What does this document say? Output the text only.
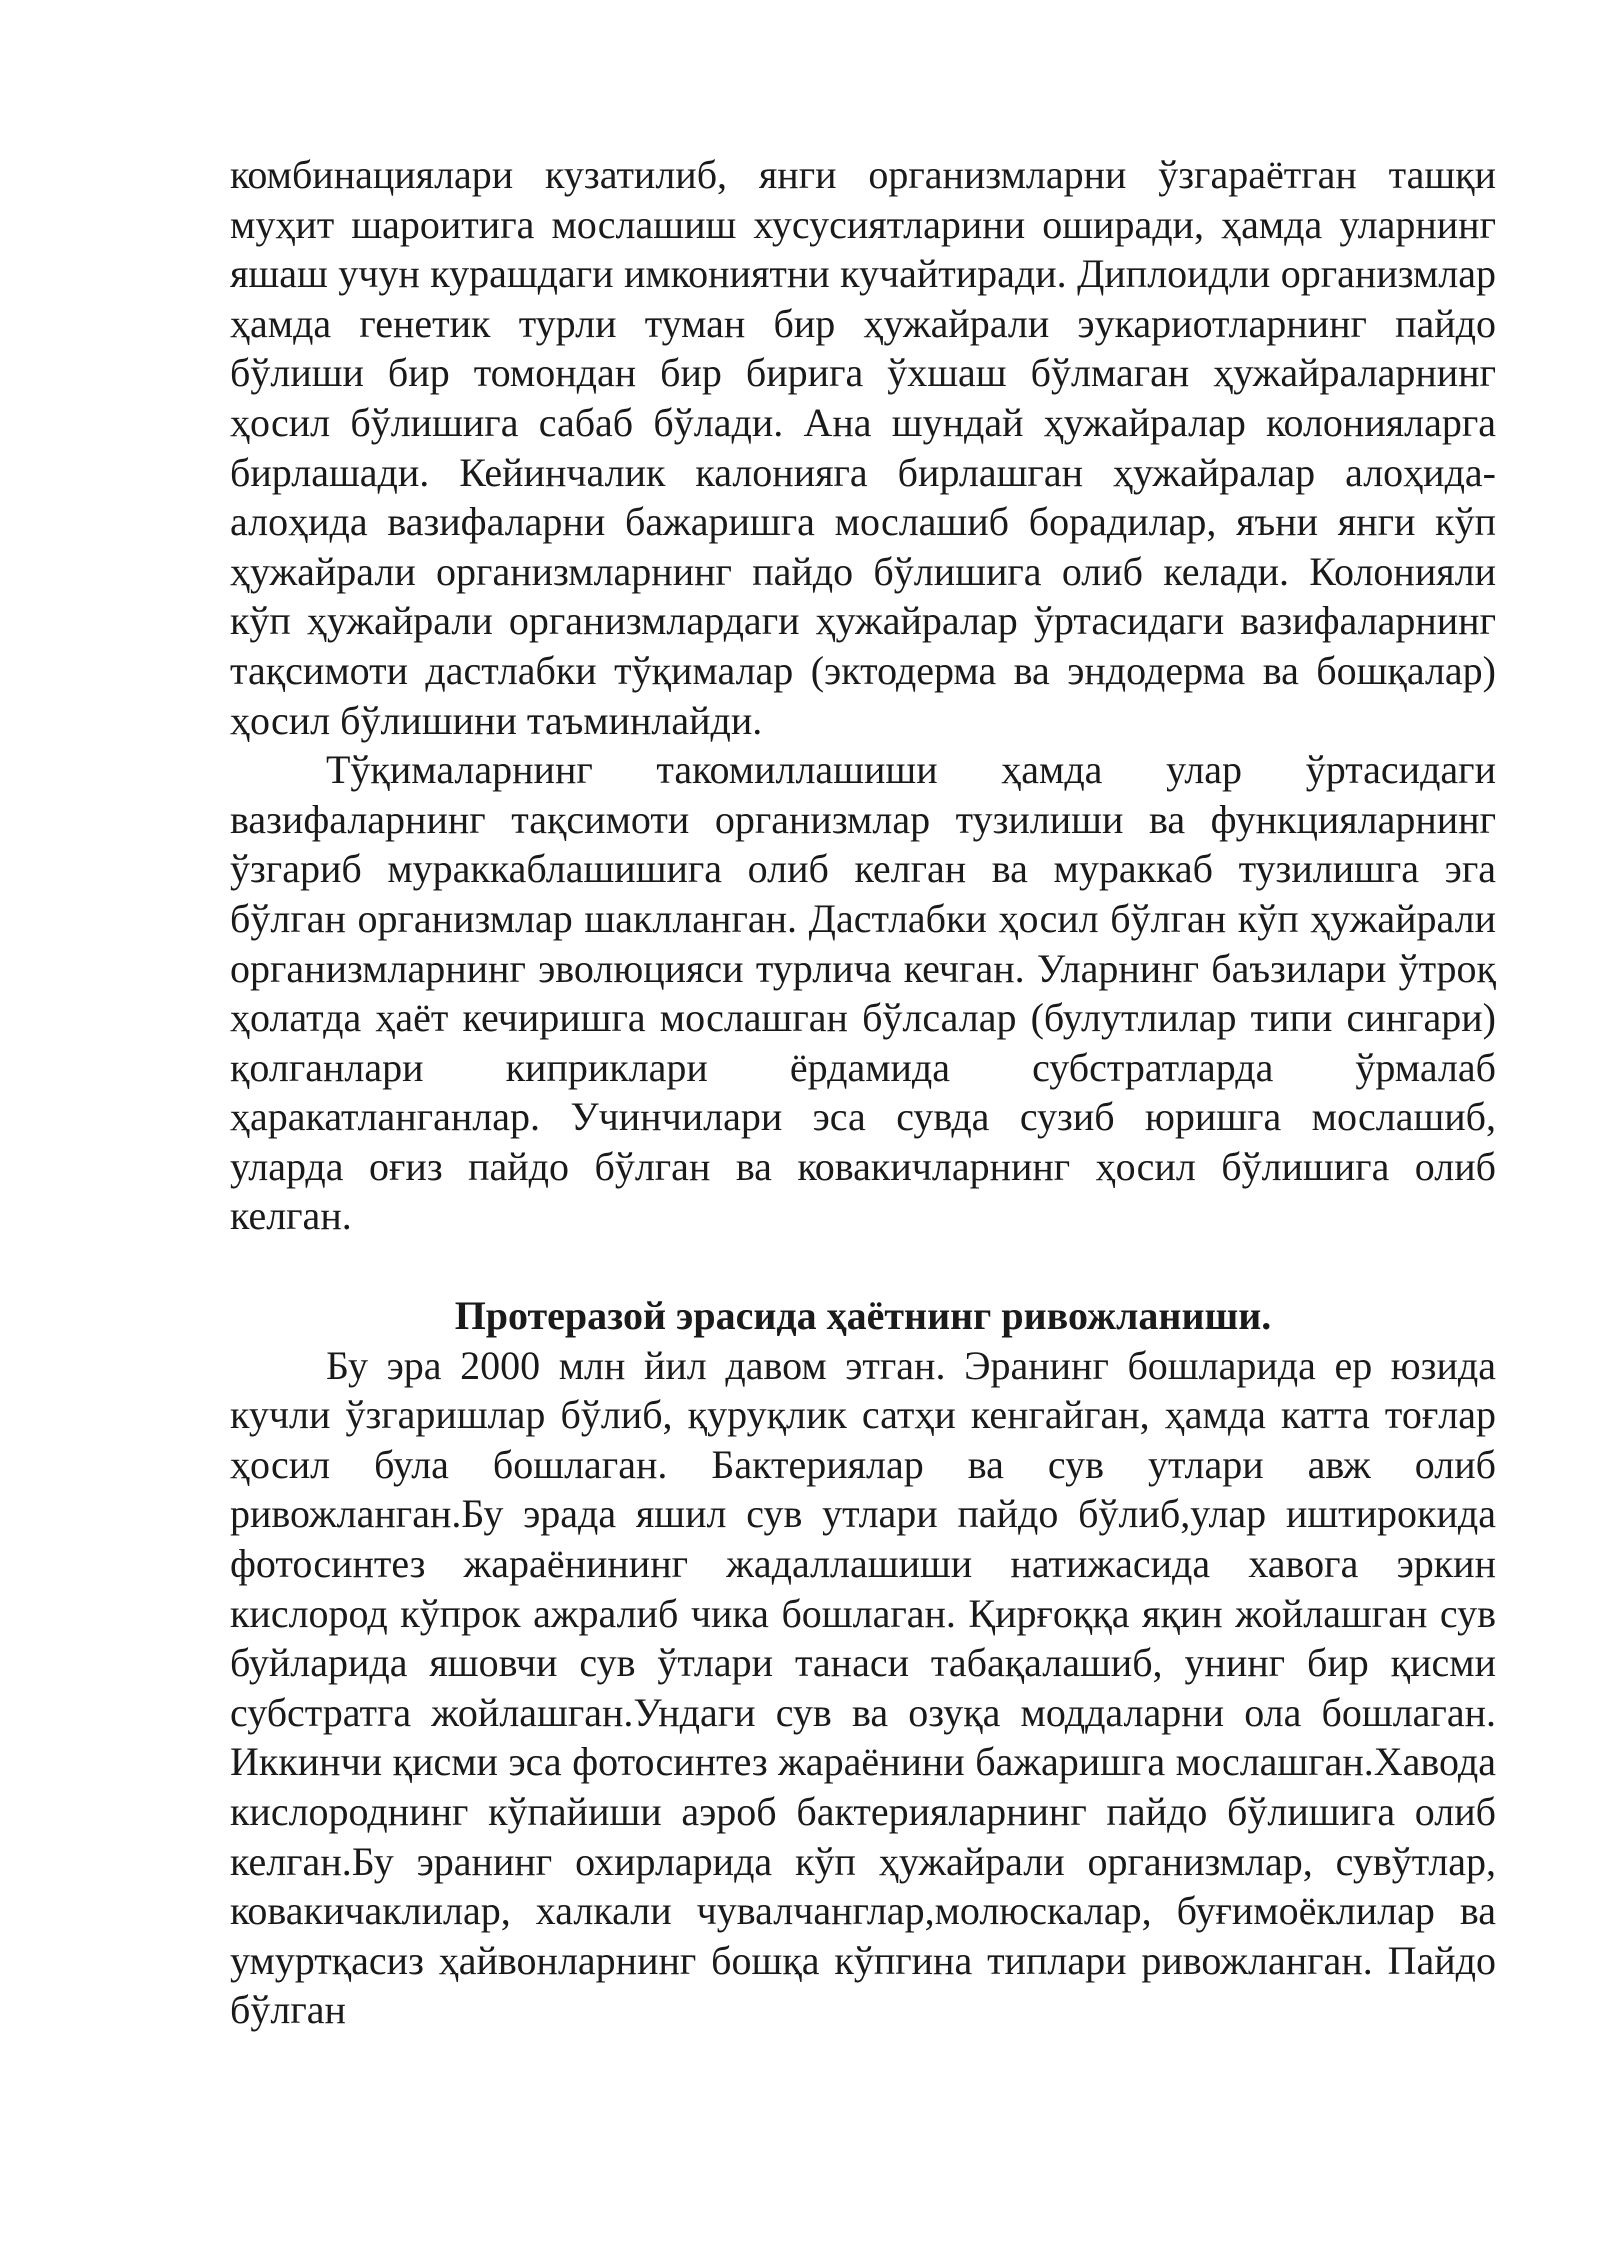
комбинациялари кузатилиб, янги организмларни ўзгараётган ташқи муҳит шароитига мослашиш хусусиятларини оширади, ҳамда уларнинг яшаш учун курашдаги имкониятни кучайтиради. Диплоидли организмлар ҳамда генетик турли туман бир ҳужайрали эукариотларнинг пайдо бўлиши бир томондан бир бирига ўхшаш бўлмаган ҳужайраларнинг ҳосил бўлишига сабаб бўлади. Ана шундай ҳужайралар колонияларга бирлашади. Кейинчалик калонияга бирлашган ҳужайралар алоҳида-алоҳида вазифаларни бажаришга мослашиб борадилар, яъни янги кўп ҳужайрали организмларнинг пайдо бўлишига олиб келади. Колонияли кўп ҳужайрали организмлардаги ҳужайралар ўртасидаги вазифаларнинг тақсимоти дастлабки тўқималар (эктодерма ва эндодерма ва бошқалар) ҳосил бўлишини таъминлайди.

Тўқималарнинг такомиллашиши ҳамда улар ўртасидаги вазифаларнинг тақсимоти организмлар тузилиши ва функцияларнинг ўзгариб мураккаблашишига олиб келган ва мураккаб тузилишга эга бўлган организмлар шаклланган. Дастлабки ҳосил бўлган кўп ҳужайрали организмларнинг эволюцияси турлича кечган. Уларнинг баъзилари ўтроқ ҳолатда ҳаёт кечиришга мослашган бўлсалар (булутлилар типи сингари) қолганлари киприклари ёрдамида субстратларда ўрмалаб ҳаракатланганлар. Учинчилари эса сувда сузиб юришга мослашиб, уларда оғиз пайдо бўлган ва ковакичларнинг ҳосил бўлишига олиб келган.

Протеразой эрасида ҳаётнинг ривожланиши.

Бу эра 2000 млн йил давом этган. Эранинг бошларида ер юзида кучли ўзгаришлар бўлиб, қуруқлик сатҳи кенгайган, ҳамда катта тоғлар ҳосил була бошлаган. Бактериялар ва сув утлари авж олиб ривожланган.Бу эрада яшил сув утлари пайдо бўлиб,улар иштирокида фотосинтез жараёнининг жадаллашиши натижасида хавога эркин кислород кўпрок ажралиб чика бошлаган. Қирғоққа яқин жойлашган сув буйларида яшовчи сув ўтлари танаси табақалашиб, унинг бир қисми субстратга жойлашган.Ундаги сув ва озуқа моддаларни ола бошлаган. Иккинчи қисми эса фотосинтез жараёнини бажаришга мослашган.Хаводa кислороднинг кўпайиши аэроб бактерияларнинг пайдо бўлишига олиб келган.Бу эранинг охирларида кўп ҳужайрали организмлар, сувўтлар, ковакичаклилар, халкали чувалчанглар,молюскалар, буғимоёклилар ва умуртқасиз ҳайвонларнинг бошқа кўпгина типлари ривожланган. Пайдо бўлган
